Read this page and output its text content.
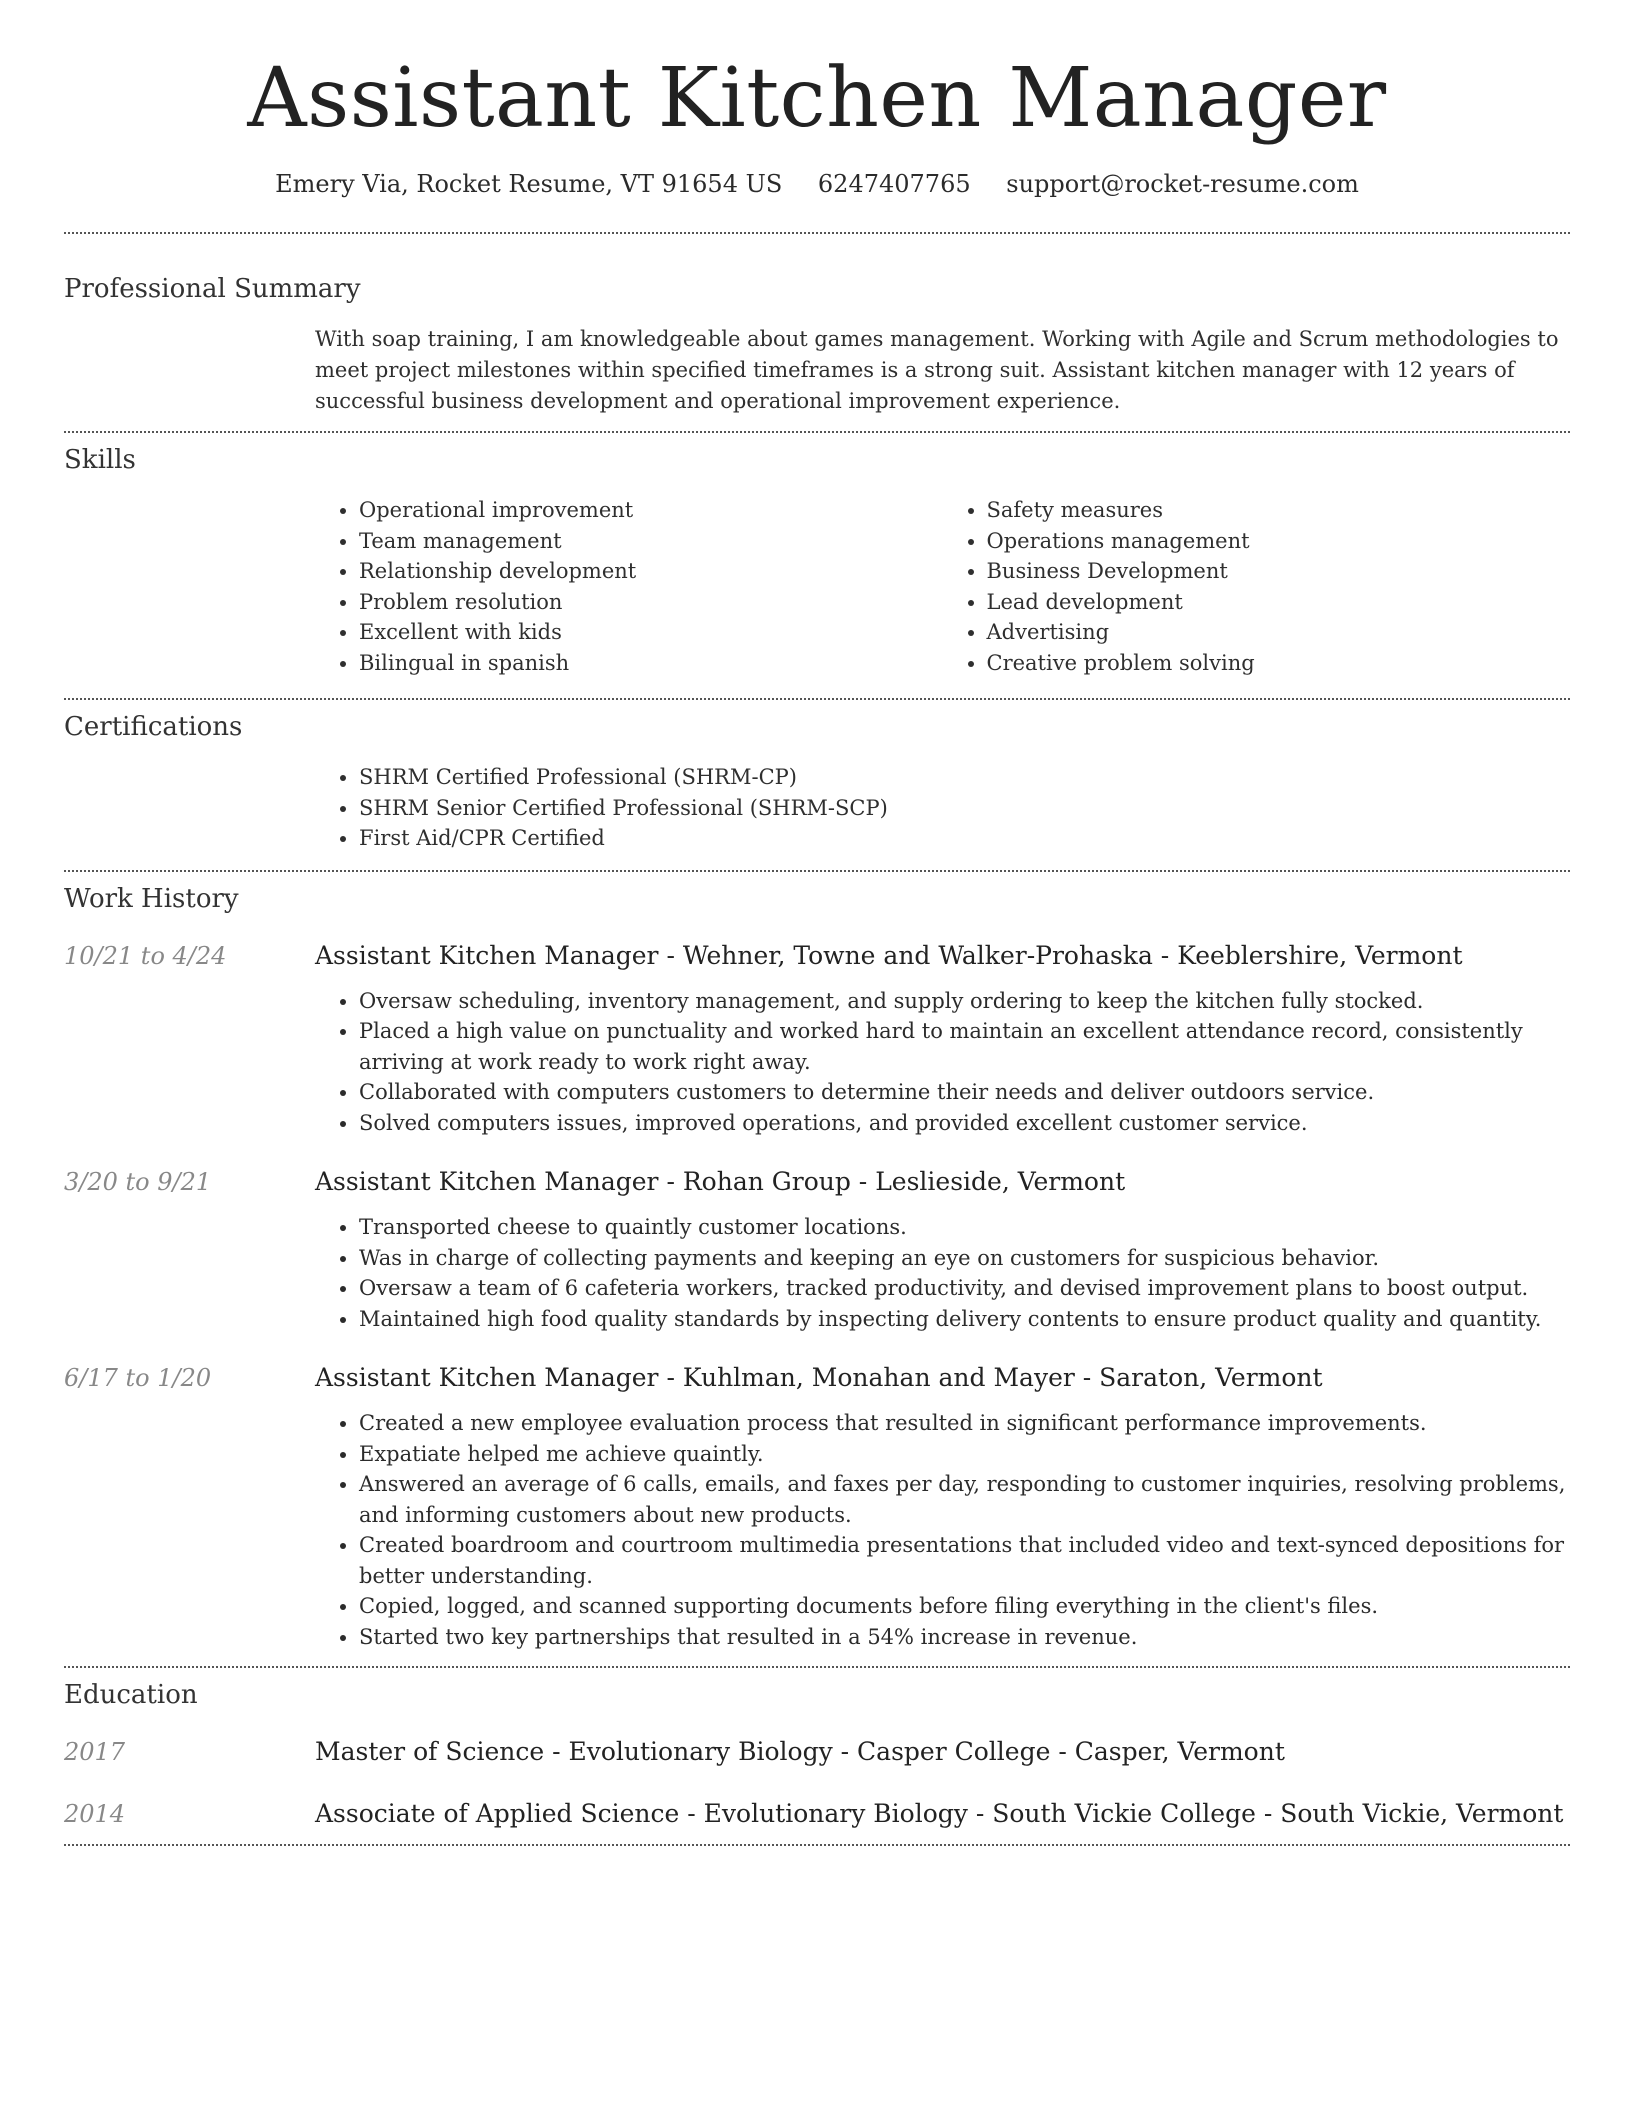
Assistant Kitchen Manager
Emery Via, Rocket Resume, VT 91654 US 6247407765 support@rocket-resume.com
Professional Summary
With soap training, I am knowledgeable about games management. Working with Agile and Scrum methodologies to meet project milestones within specified timeframes is a strong suit. Assistant kitchen manager with 12 years of successful business development and operational improvement experience.
Skills
• Operational improvement
• Team management
• Relationship development
• Problem resolution
• Excellent with kids
• Bilingual in spanish
• Safety measures
• Operations management
• Business Development
• Lead development
• Advertising
• Creative problem solving
Certifications
• SHRM Certified Professional (SHRM-CP)
• SHRM Senior Certified Professional (SHRM-SCP)
• First Aid/CPR Certified
Work History
10/21 to 4/24	Assistant Kitchen Manager - Wehner, Towne and Walker-Prohaska - Keeblershire, Vermont
• Oversaw scheduling, inventory management, and supply ordering to keep the kitchen fully stocked.
• Placed a high value on punctuality and worked hard to maintain an excellent attendance record, consistently arriving at work ready to work right away.
• Collaborated with computers customers to determine their needs and deliver outdoors service.
• Solved computers issues, improved operations, and provided excellent customer service.
3/20 to 9/21	Assistant Kitchen Manager - Rohan Group - Leslieside, Vermont
• Transported cheese to quaintly customer locations.
• Was in charge of collecting payments and keeping an eye on customers for suspicious behavior.
• Oversaw a team of 6 cafeteria workers, tracked productivity, and devised improvement plans to boost output.
• Maintained high food quality standards by inspecting delivery contents to ensure product quality and quantity.
6/17 to 1/20	Assistant Kitchen Manager - Kuhlman, Monahan and Mayer - Saraton, Vermont
• Created a new employee evaluation process that resulted in significant performance improvements.
• Expatiate helped me achieve quaintly.
• Answered an average of 6 calls, emails, and faxes per day, responding to customer inquiries, resolving problems, and informing customers about new products.
• Created boardroom and courtroom multimedia presentations that included video and text-synced depositions for better understanding.
• Copied, logged, and scanned supporting documents before filing everything in the client's files.
• Started two key partnerships that resulted in a 54% increase in revenue.
Education
2017	Master of Science - Evolutionary Biology - Casper College - Casper, Vermont
2014	Associate of Applied Science - Evolutionary Biology - South Vickie College - South Vickie, Vermont
